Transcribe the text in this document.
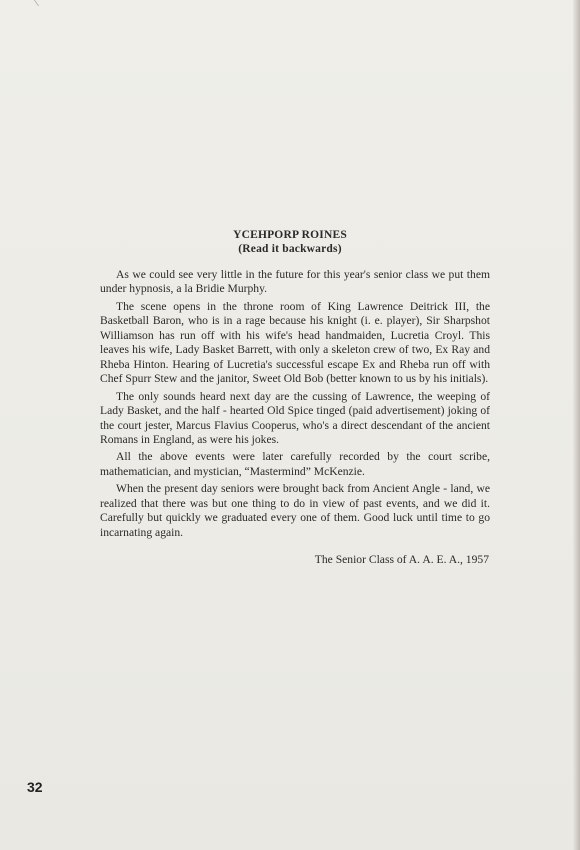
YCEHPORP ROINES
(Read it backwards)

As we could see very little in the future for this year's senior class we put them under hypnosis, a la Bridie Murphy.

The scene opens in the throne room of King Lawrence Deitrick III, the Basketball Baron, who is in a rage because his knight (i. e. player), Sir Sharpshot Williamson has run off with his wife's head handmaiden, Lucretia Croyl. This leaves his wife, Lady Basket Barrett, with only a skeleton crew of two, Ex Ray and Rheba Hinton. Hearing of Lucretia's successful escape Ex and Rheba run off with Chef Spurr Stew and the janitor, Sweet Old Bob (better known to us by his initials).

The only sounds heard next day are the cussing of Lawrence, the weeping of Lady Basket, and the half - hearted Old Spice tinged (paid advertisement) joking of the court jester, Marcus Flavius Cooperus, who's a direct descendant of the ancient Romans in England, as were his jokes.

All the above events were later carefully recorded by the court scribe, mathematician, and mystician, “Mastermind” McKenzie.

When the present day seniors were brought back from Ancient Angle - land, we realized that there was but one thing to do in view of past events, and we did it. Carefully but quickly we graduated every one of them. Good luck until time to go incarnating again.

The Senior Class of A. A. E. A., 1957
32
